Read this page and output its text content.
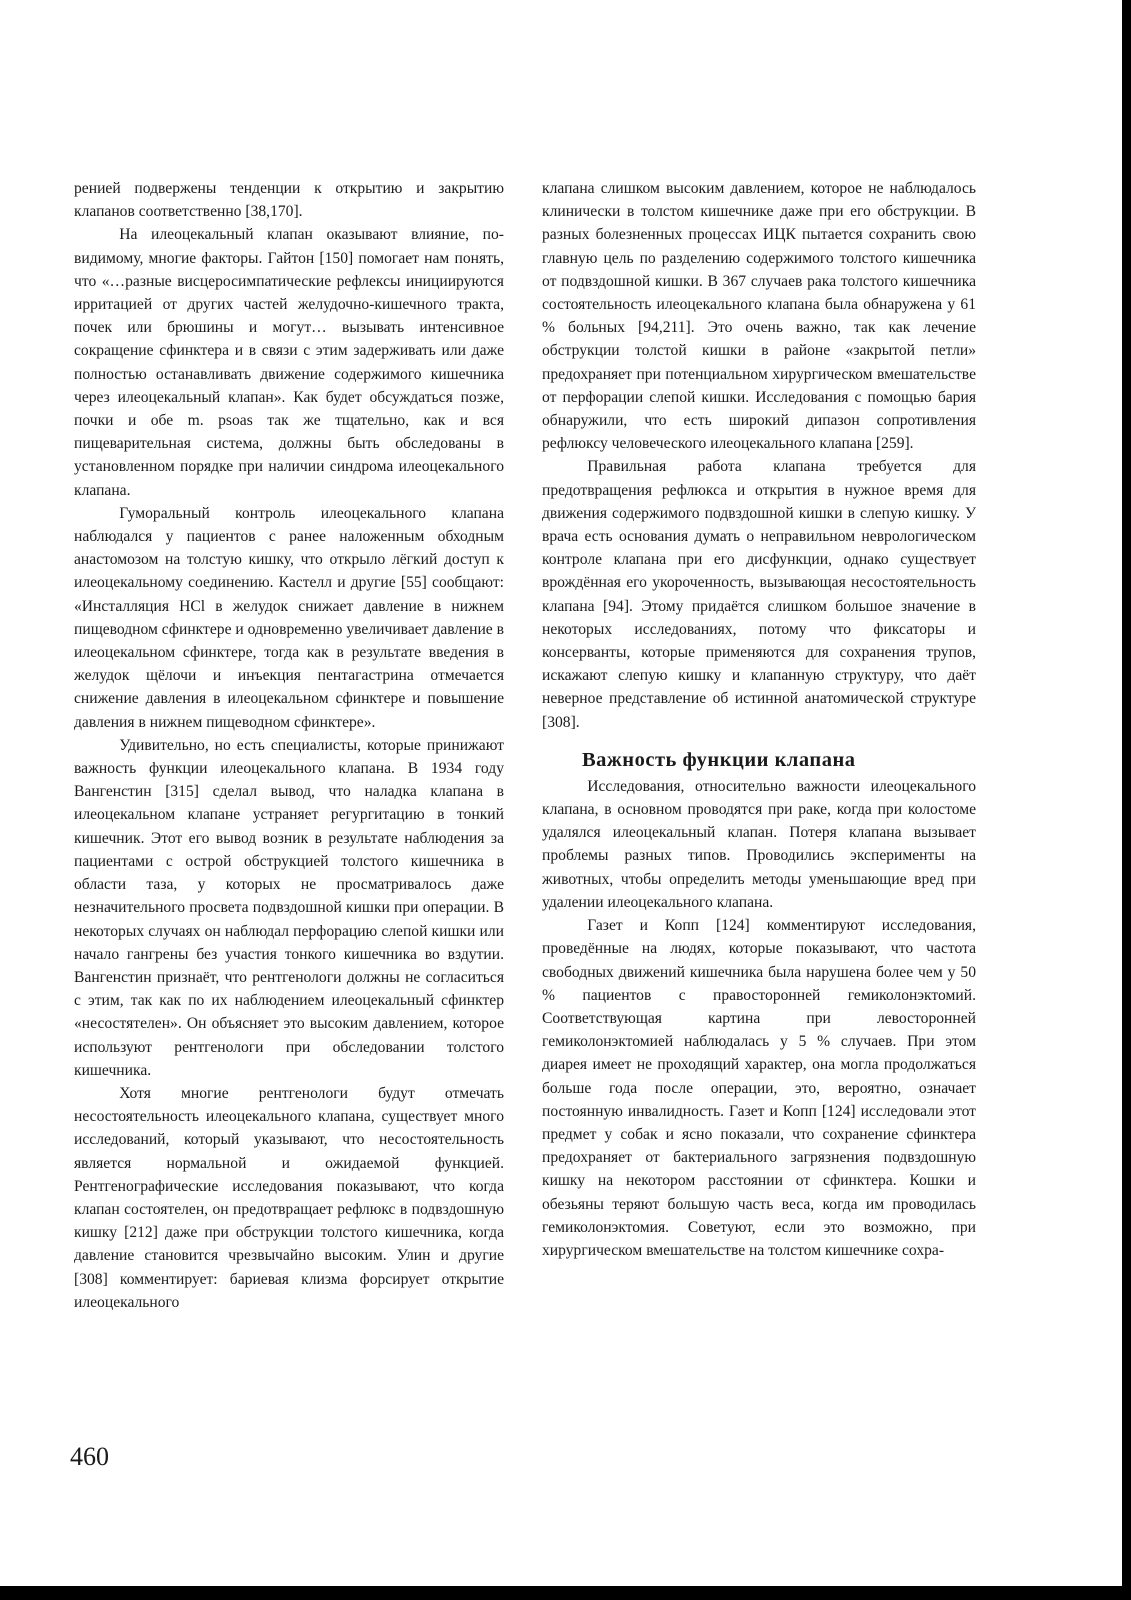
ренией подвержены тенденции к открытию и закрытию клапанов соответственно [38,170].

На илеоцекальный клапан оказывают влияние, по-видимому, многие факторы. Гайтон [150] помогает нам понять, что «…разные висцеросимпатические рефлексы инициируются ирритацией от других частей желудочно-кишечного тракта, почек или брюшины и могут… вызывать интенсивное сокращение сфинктера и в связи с этим задерживать или даже полностью останавливать движение содержимого кишечника через илеоцекальный клапан». Как будет обсуждаться позже, почки и обе m. psoas так же тщательно, как и вся пищеварительная система, должны быть обследованы в установленном порядке при наличии синдрома илеоцекального клапана.

Гуморальный контроль илеоцекального клапана наблюдался у пациентов с ранее наложенным обходным анастомозом на толстую кишку, что открыло лёгкий доступ к илеоцекальному соединению. Кастелл и другие [55] сообщают: «Инсталляция HCl в желудок снижает давление в нижнем пищеводном сфинктере и одновременно увеличивает давление в илеоцекальном сфинктере, тогда как в результате введения в желудок щёлочи и инъекция пентагастрина отмечается снижение давления в илеоцекальном сфинктере и повышение давления в нижнем пищеводном сфинктере».

Удивительно, но есть специалисты, которые принижают важность функции илеоцекального клапана. В 1934 году Вангенстин [315] сделал вывод, что наладка клапана в илеоцекальном клапане устраняет регургитацию в тонкий кишечник. Этот его вывод возник в результате наблюдения за пациентами с острой обструкцией толстого кишечника в области таза, у которых не просматривалось даже незначительного просвета подвздошной кишки при операции. В некоторых случаях он наблюдал перфорацию слепой кишки или начало гангрены без участия тонкого кишечника во вздутии. Вангенстин признаёт, что рентгенологи должны не согласиться с этим, так как по их наблюдением илеоцекальный сфинктер «несостятелен». Он объясняет это высоким давлением, которое используют рентгенологи при обследовании толстого кишечника.

Хотя многие рентгенологи будут отмечать несостоятельность илеоцекального клапана, существует много исследований, который указывают, что несостоятельность является нормальной и ожидаемой функцией. Рентгенографические исследования показывают, что когда клапан состоятелен, он предотвращает рефлюкс в подвздошную кишку [212] даже при обструкции толстого кишечника, когда давление становится чрезвычайно высоким. Улин и другие [308] комментирует: бариевая клизма форсирует открытие илеоцекального

клапана слишком высоким давлением, которое не наблюдалось клинически в толстом кишечнике даже при его обструкции. В разных болезненных процессах ИЦК пытается сохранить свою главную цель по разделению содержимого толстого кишечника от подвздошной кишки. В 367 случаев рака толстого кишечника состоятельность илеоцекального клапана была обнаружена у 61 % больных [94,211]. Это очень важно, так как лечение обструкции толстой кишки в районе «закрытой петли» предохраняет при потенциальном хирургическом вмешательстве от перфорации слепой кишки. Исследования с помощью бария обнаружили, что есть широкий дипазон сопротивления рефлюксу человеческого илеоцекального клапана [259].

Правильная работа клапана требуется для предотвращения рефлюкса и открытия в нужное время для движения содержимого подвздошной кишки в слепую кишку. У врача есть основания думать о неправильном неврологическом контроле клапана при его дисфункции, однако существует врождённая его укороченность, вызывающая несостоятельность клапана [94]. Этому придаётся слишком большое значение в некоторых исследованиях, потому что фиксаторы и консерванты, которые применяются для сохранения трупов, искажают слепую кишку и клапанную структуру, что даёт неверное представление об истинной анатомической структуре [308].

Важность функции клапана

Исследования, относительно важности илеоцекального клапана, в основном проводятся при раке, когда при колостоме удалялся илеоцекальный клапан. Потеря клапана вызывает проблемы разных типов. Проводились эксперименты на животных, чтобы определить методы уменьшающие вред при удалении илеоцекального клапана.

Газет и Копп [124] комментируют исследования, проведённые на людях, которые показывают, что частота свободных движений кишечника была нарушена более чем у 50 % пациентов с правосторонней гемиколонэктомий. Соответствующая картина при левосторонней гемиколонэктомией наблюдалась у 5 % случаев. При этом диарея имеет не проходящий характер, она могла продолжаться больше года после операции, это, вероятно, означает постоянную инвалидность. Газет и Копп [124] исследовали этот предмет у собак и ясно показали, что сохранение сфинктера предохраняет от бактериального загрязнения подвздошную кишку на некотором расстоянии от сфинктера. Кошки и обезьяны теряют большую часть веса, когда им проводилась гемиколонэктомия. Советуют, если это возможно, при хирургическом вмешательстве на толстом кишечнике сохра-

460
